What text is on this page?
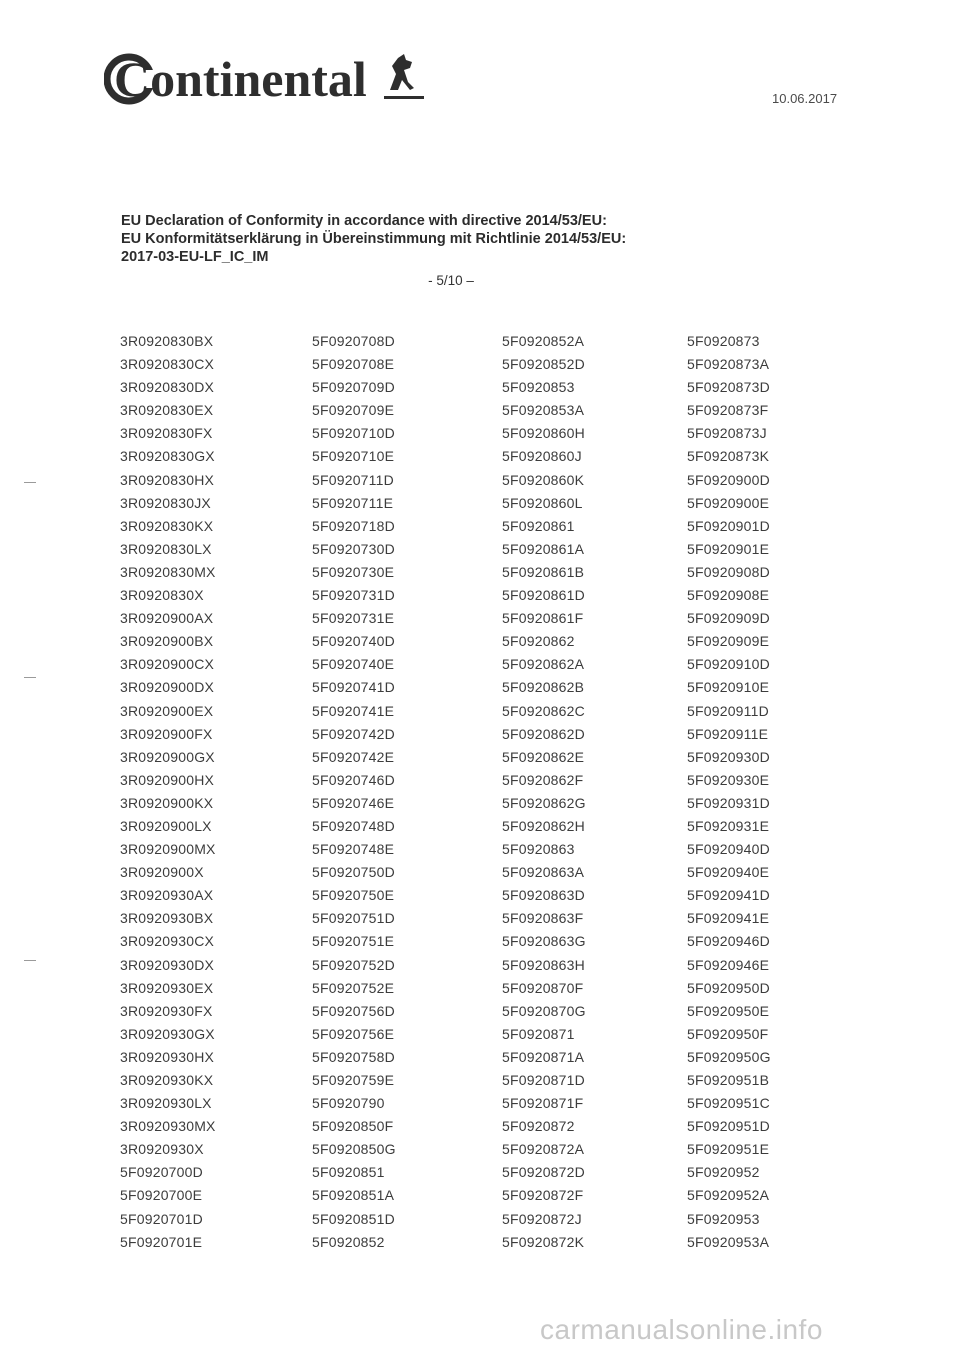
Continental	10.06.2017
EU Declaration of Conformity in accordance with directive 2014/53/EU:
EU Konformitätserklärung in Übereinstimmung mit Richtlinie 2014/53/EU:
2017-03-EU-LF_IC_IM
- 5/10 –
3R0920830BX
3R0920830CX
3R0920830DX
3R0920830EX
3R0920830FX
3R0920830GX
3R0920830HX
3R0920830JX
3R0920830KX
3R0920830LX
3R0920830MX
3R0920830X
3R0920900AX
3R0920900BX
3R0920900CX
3R0920900DX
3R0920900EX
3R0920900FX
3R0920900GX
3R0920900HX
3R0920900KX
3R0920900LX
3R0920900MX
3R0920900X
3R0920930AX
3R0920930BX
3R0920930CX
3R0920930DX
3R0920930EX
3R0920930FX
3R0920930GX
3R0920930HX
3R0920930KX
3R0920930LX
3R0920930MX
3R0920930X
5F0920700D
5F0920700E
5F0920701D
5F0920701E
5F0920708D
5F0920708E
5F0920709D
5F0920709E
5F0920710D
5F0920710E
5F0920711D
5F0920711E
5F0920718D
5F0920730D
5F0920730E
5F0920731D
5F0920731E
5F0920740D
5F0920740E
5F0920741D
5F0920741E
5F0920742D
5F0920742E
5F0920746D
5F0920746E
5F0920748D
5F0920748E
5F0920750D
5F0920750E
5F0920751D
5F0920751E
5F0920752D
5F0920752E
5F0920756D
5F0920756E
5F0920758D
5F0920759E
5F0920790
5F0920850F
5F0920850G
5F0920851
5F0920851A
5F0920851D
5F0920852
5F0920852A
5F0920852D
5F0920853
5F0920853A
5F0920860H
5F0920860J
5F0920860K
5F0920860L
5F0920861
5F0920861A
5F0920861B
5F0920861D
5F0920861F
5F0920862
5F0920862A
5F0920862B
5F0920862C
5F0920862D
5F0920862E
5F0920862F
5F0920862G
5F0920862H
5F0920863
5F0920863A
5F0920863D
5F0920863F
5F0920863G
5F0920863H
5F0920870F
5F0920870G
5F0920871
5F0920871A
5F0920871D
5F0920871F
5F0920872
5F0920872A
5F0920872D
5F0920872F
5F0920872J
5F0920872K
5F0920873
5F0920873A
5F0920873D
5F0920873F
5F0920873J
5F0920873K
5F0920900D
5F0920900E
5F0920901D
5F0920901E
5F0920908D
5F0920908E
5F0920909D
5F0920909E
5F0920910D
5F0920910E
5F0920911D
5F0920911E
5F0920930D
5F0920930E
5F0920931D
5F0920931E
5F0920940D
5F0920940E
5F0920941D
5F0920941E
5F0920946D
5F0920946E
5F0920950D
5F0920950E
5F0920950F
5F0920950G
5F0920951B
5F0920951C
5F0920951D
5F0920951E
5F0920952
5F0920952A
5F0920953
5F0920953A
carmanualsonline.info
